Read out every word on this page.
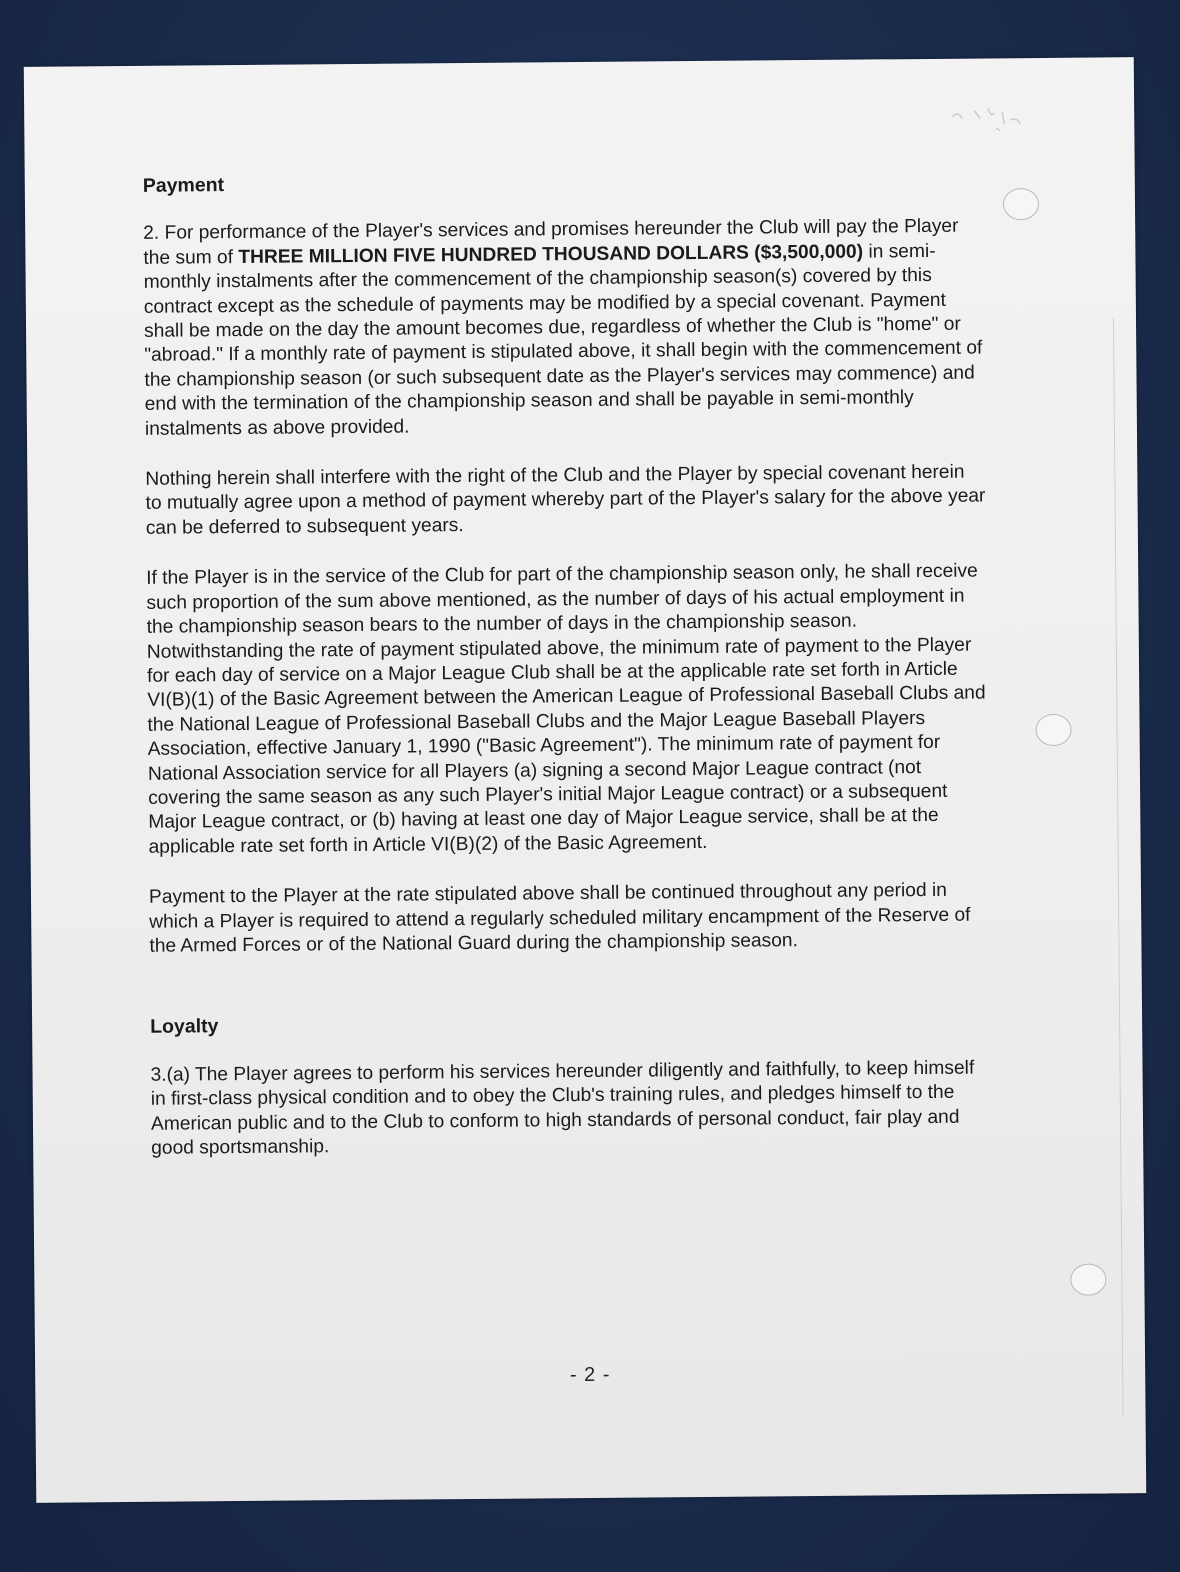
Payment

2. For performance of the Player's services and promises hereunder the Club will pay the Player the sum of THREE MILLION FIVE HUNDRED THOUSAND DOLLARS ($3,500,000) in semi-monthly instalments after the commencement of the championship season(s) covered by this contract except as the schedule of payments may be modified by a special covenant. Payment shall be made on the day the amount becomes due, regardless of whether the Club is "home" or "abroad." If a monthly rate of payment is stipulated above, it shall begin with the commencement of the championship season (or such subsequent date as the Player's services may commence) and end with the termination of the championship season and shall be payable in semi-monthly instalments as above provided.

Nothing herein shall interfere with the right of the Club and the Player by special covenant herein to mutually agree upon a method of payment whereby part of the Player's salary for the above year can be deferred to subsequent years.

If the Player is in the service of the Club for part of the championship season only, he shall receive such proportion of the sum above mentioned, as the number of days of his actual employment in the championship season bears to the number of days in the championship season. Notwithstanding the rate of payment stipulated above, the minimum rate of payment to the Player for each day of service on a Major League Club shall be at the applicable rate set forth in Article VI(B)(1) of the Basic Agreement between the American League of Professional Baseball Clubs and the National League of Professional Baseball Clubs and the Major League Baseball Players Association, effective January 1, 1990 ("Basic Agreement"). The minimum rate of payment for National Association service for all Players (a) signing a second Major League contract (not covering the same season as any such Player's initial Major League contract) or a subsequent Major League contract, or (b) having at least one day of Major League service, shall be at the applicable rate set forth in Article VI(B)(2) of the Basic Agreement.

Payment to the Player at the rate stipulated above shall be continued throughout any period in which a Player is required to attend a regularly scheduled military encampment of the Reserve of the Armed Forces or of the National Guard during the championship season.

Loyalty

3.(a) The Player agrees to perform his services hereunder diligently and faithfully, to keep himself in first-class physical condition and to obey the Club's training rules, and pledges himself to the American public and to the Club to conform to high standards of personal conduct, fair play and good sportsmanship.

- 2 -
